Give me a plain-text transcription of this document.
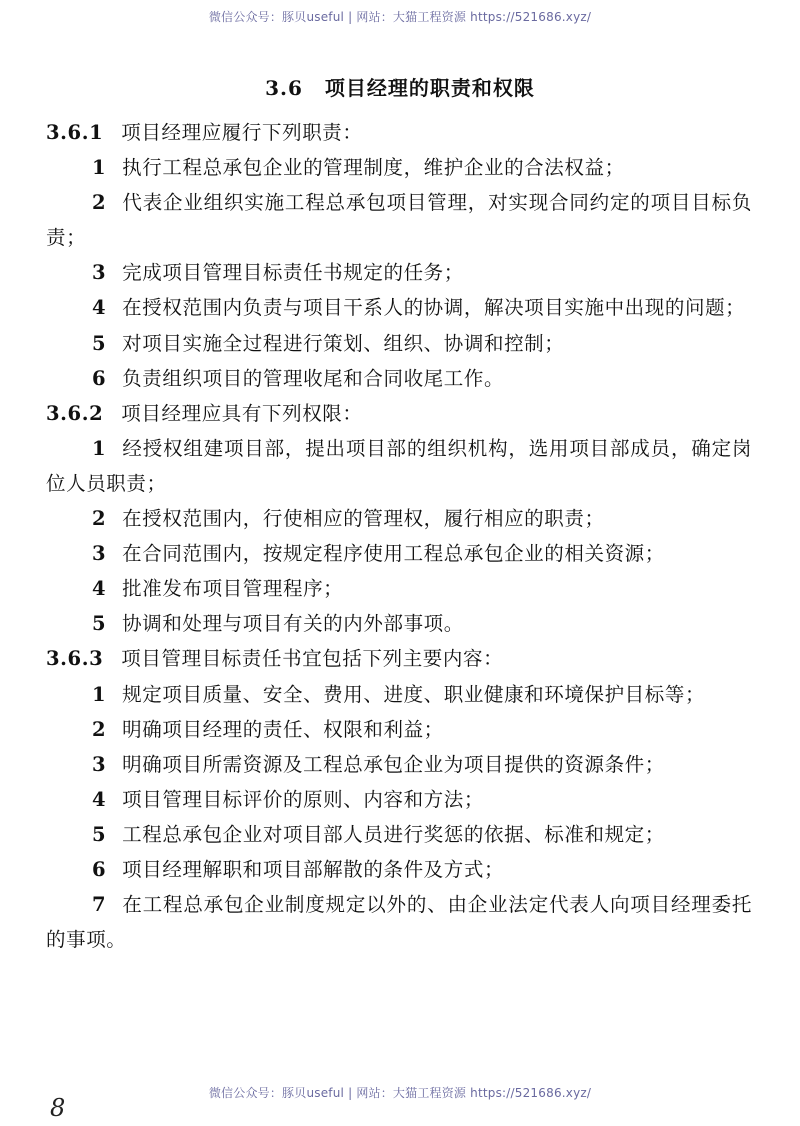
微信公众号：豚贝useful | 网站：大猫工程资源 https://521686.xyz/
3.6 项目经理的职责和权限

3.6.1 项目经理应履行下列职责：

1 执行工程总承包企业的管理制度，维护企业的合法权益；

2 代表企业组织实施工程总承包项目管理，对实现合同约定的项目目标负责；

3 完成项目管理目标责任书规定的任务；

4 在授权范围内负责与项目干系人的协调，解决项目实施中出现的问题；

5 对项目实施全过程进行策划、组织、协调和控制；

6 负责组织项目的管理收尾和合同收尾工作。

3.6.2 项目经理应具有下列权限：

1 经授权组建项目部，提出项目部的组织机构，选用项目部成员，确定岗位人员职责；

2 在授权范围内，行使相应的管理权，履行相应的职责；

3 在合同范围内，按规定程序使用工程总承包企业的相关资源；

4 批准发布项目管理程序；

5 协调和处理与项目有关的内外部事项。

3.6.3 项目管理目标责任书宜包括下列主要内容：

1 规定项目质量、安全、费用、进度、职业健康和环境保护目标等；

2 明确项目经理的责任、权限和利益；

3 明确项目所需资源及工程总承包企业为项目提供的资源条件；

4 项目管理目标评价的原则、内容和方法；

5 工程总承包企业对项目部人员进行奖惩的依据、标准和规定；

6 项目经理解职和项目部解散的条件及方式；

7 在工程总承包企业制度规定以外的、由企业法定代表人向项目经理委托的事项。

微信公众号：豚贝useful | 网站：大猫工程资源 https://521686.xyz/
8
